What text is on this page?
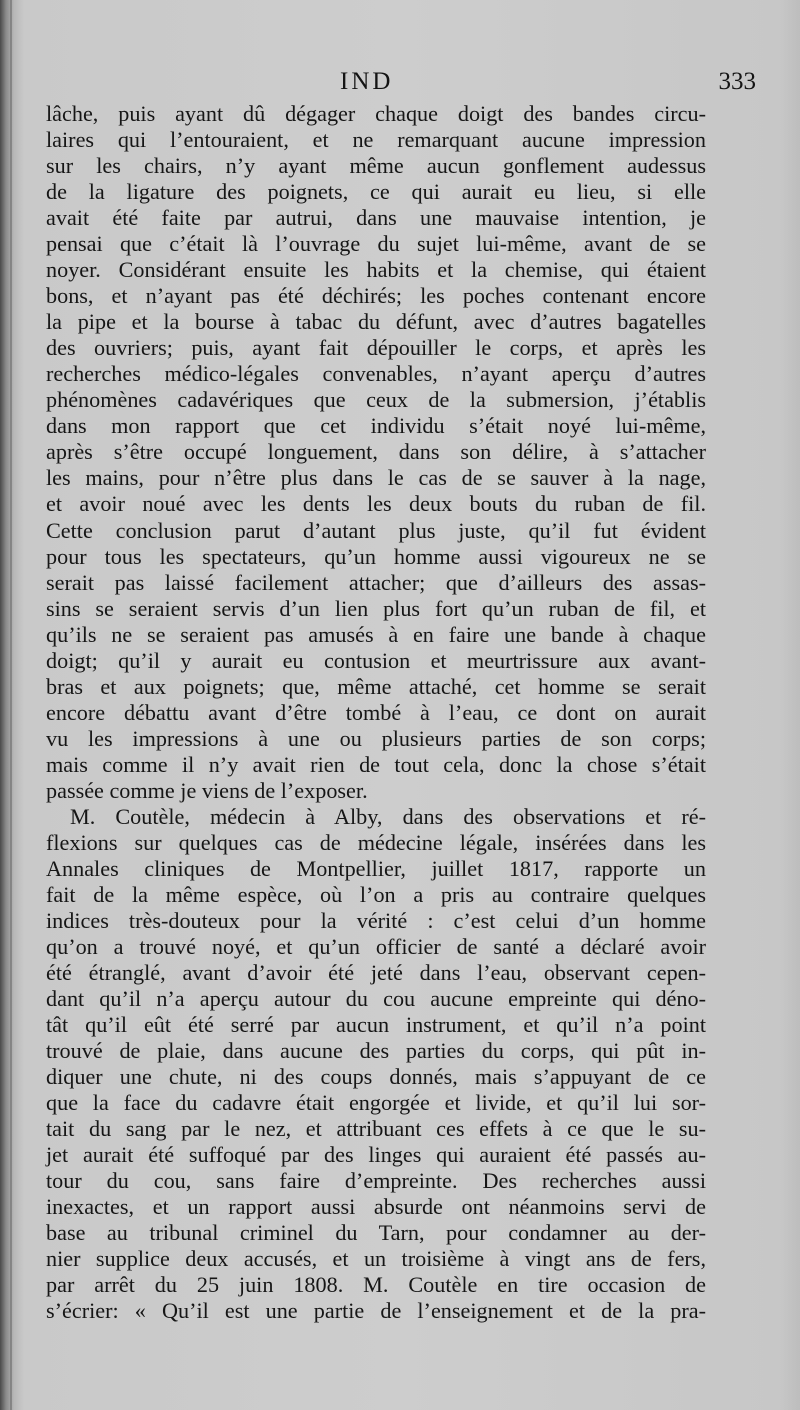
IND	333
lâche, puis ayant dû dégager chaque doigt des bandes circu-
laires qui l’entouraient, et ne remarquant aucune impression
sur les chairs, n’y ayant même aucun gonflement audessus
de la ligature des poignets, ce qui aurait eu lieu, si elle
avait été faite par autrui, dans une mauvaise intention, je
pensai que c’était là l’ouvrage du sujet lui-même, avant de se
noyer. Considérant ensuite les habits et la chemise, qui étaient
bons, et n’ayant pas été déchirés; les poches contenant encore
la pipe et la bourse à tabac du défunt, avec d’autres bagatelles
des ouvriers; puis, ayant fait dépouiller le corps, et après les
recherches médico-légales convenables, n’ayant aperçu d’autres
phénomènes cadavériques que ceux de la submersion, j’établis
dans mon rapport que cet individu s’était noyé lui-même,
après s’être occupé longuement, dans son délire, à s’attacher
les mains, pour n’être plus dans le cas de se sauver à la nage,
et avoir noué avec les dents les deux bouts du ruban de fil.
Cette conclusion parut d’autant plus juste, qu’il fut évident
pour tous les spectateurs, qu’un homme aussi vigoureux ne se
serait pas laissé facilement attacher; que d’ailleurs des assas-
sins se seraient servis d’un lien plus fort qu’un ruban de fil, et
qu’ils ne se seraient pas amusés à en faire une bande à chaque
doigt; qu’il y aurait eu contusion et meurtrissure aux avant-
bras et aux poignets; que, même attaché, cet homme se serait
encore débattu avant d’être tombé à l’eau, ce dont on aurait
vu les impressions à une ou plusieurs parties de son corps;
mais comme il n’y avait rien de tout cela, donc la chose s’était
passée comme je viens de l’exposer.
M. Coutèle, médecin à Alby, dans des observations et ré-
flexions sur quelques cas de médecine légale, insérées dans les
Annales cliniques de Montpellier, juillet 1817, rapporte un
fait de la même espèce, où l’on a pris au contraire quelques
indices très-douteux pour la vérité : c’est celui d’un homme
qu’on a trouvé noyé, et qu’un officier de santé a déclaré avoir
été étranglé, avant d’avoir été jeté dans l’eau, observant cepen-
dant qu’il n’a aperçu autour du cou aucune empreinte qui déno-
tât qu’il eût été serré par aucun instrument, et qu’il n’a point
trouvé de plaie, dans aucune des parties du corps, qui pût in-
diquer une chute, ni des coups donnés, mais s’appuyant de ce
que la face du cadavre était engorgée et livide, et qu’il lui sor-
tait du sang par le nez, et attribuant ces effets à ce que le su-
jet aurait été suffoqué par des linges qui auraient été passés au-
tour du cou, sans faire d’empreinte. Des recherches aussi
inexactes, et un rapport aussi absurde ont néanmoins servi de
base au tribunal criminel du Tarn, pour condamner au der-
nier supplice deux accusés, et un troisième à vingt ans de fers,
par arrêt du 25 juin 1808. M. Coutèle en tire occasion de
s’écrier: « Qu’il est une partie de l’enseignement et de la pra-
